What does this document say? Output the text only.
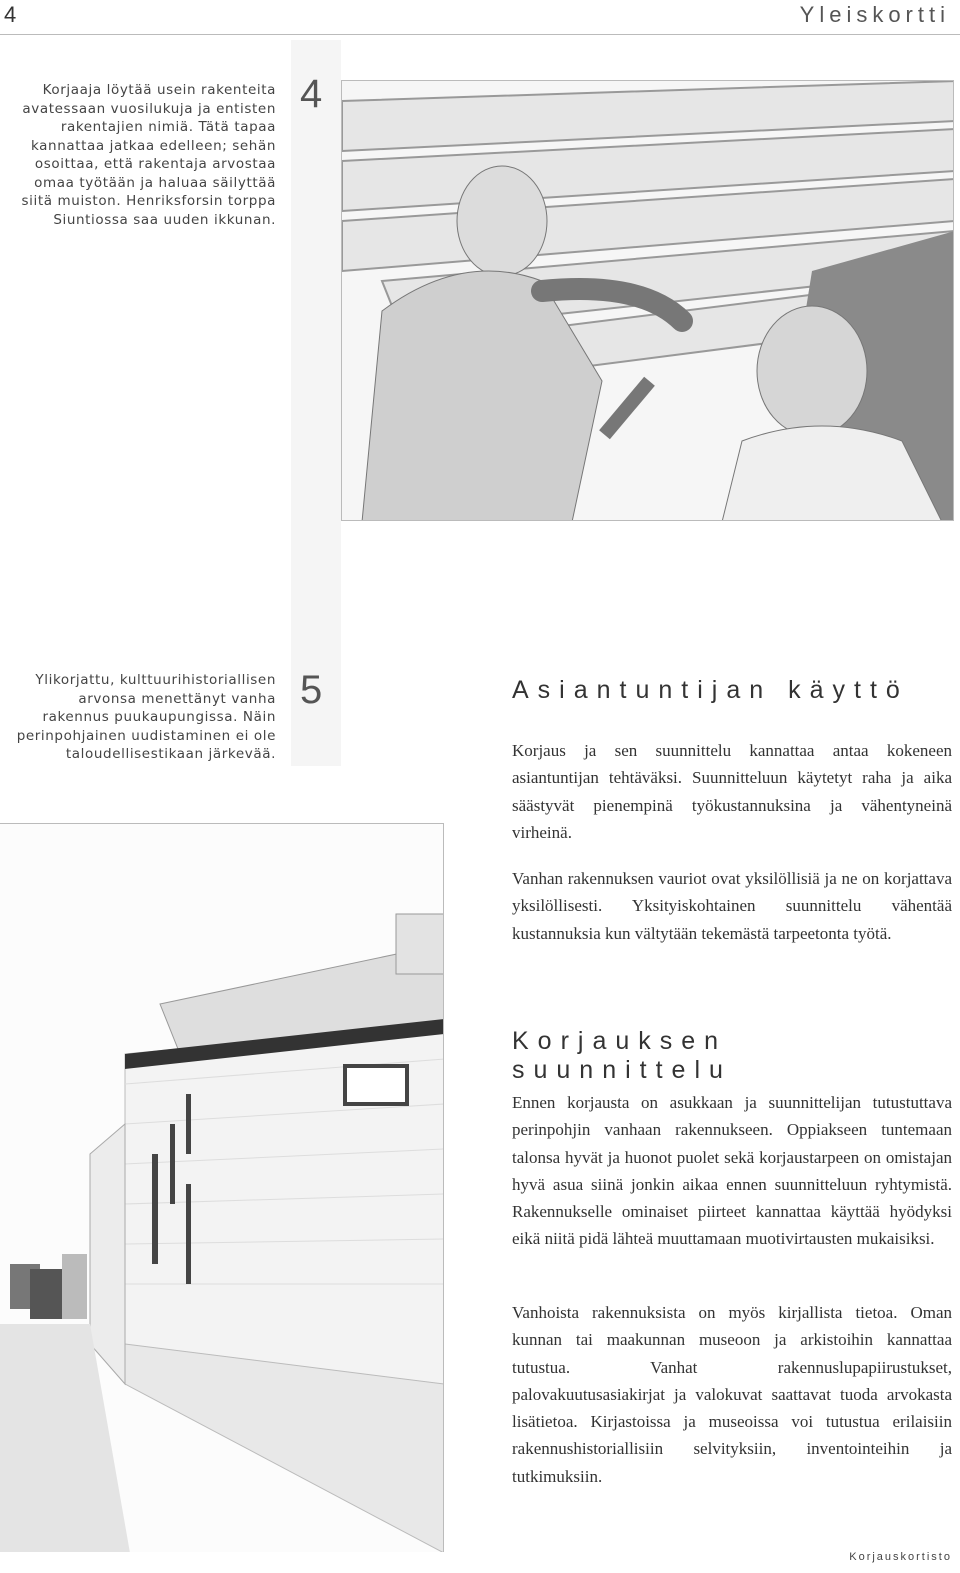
4	Yleiskortti
4
5
Korjaaja löytää usein rakenteita avatessaan vuosilukuja ja entisten rakentajien nimiä. Tätä tapaa kannattaa jatkaa edelleen; sehän osoittaa, että rakentaja arvostaa omaa työtään ja haluaa säilyttää siitä muiston. Henriksforsin torppa Siuntiossa saa uuden ikkunan.
Ylikorjattu, kulttuurihistoriallisen arvonsa menettänyt vanha rakennus puukaupungissa. Näin perinpohjainen uudistaminen ei ole taloudellisestikaan järkevää.
Asiantuntijan käyttö

Korjaus ja sen suunnittelu kannattaa antaa kokeneen asiantuntijan tehtäväksi. Suunnitteluun käytetyt raha ja aika säästyvät pienempinä työkustannuksina ja vähentyneinä virheinä.

Vanhan rakennuksen vauriot ovat yksilöllisiä ja ne on korjattava yksilöllisesti. Yksityiskohtainen suunnittelu vähentää kustannuksia kun vältytään tekemästä tarpeetonta työtä.

Korjauksen suunnittelu

Ennen korjausta on asukkaan ja suunnittelijan tutustuttava perinpohjin vanhaan rakennukseen. Oppiakseen tuntemaan talonsa hyvät ja huonot puolet sekä korjaustarpeen on omistajan hyvä asua siinä jonkin aikaa ennen suunnitteluun ryhtymistä. Rakennukselle ominaiset piirteet kannattaa käyttää hyödyksi eikä niitä pidä lähteä muuttamaan muotivirtausten mukaisiksi.

Vanhoista rakennuksista on myös kirjallista tietoa. Oman kunnan tai maakunnan museoon ja arkistoihin kannattaa tutustua. Vanhat rakennuslupapiirustukset, palovakuutusasiakirjat ja valokuvat saattavat tuoda arvokasta lisätietoa. Kirjastoissa ja museoissa voi tutustua erilaisiin rakennushistoriallisiin selvityksiin, inventointeihin ja tutkimuksiin.

Korjauskortisto
